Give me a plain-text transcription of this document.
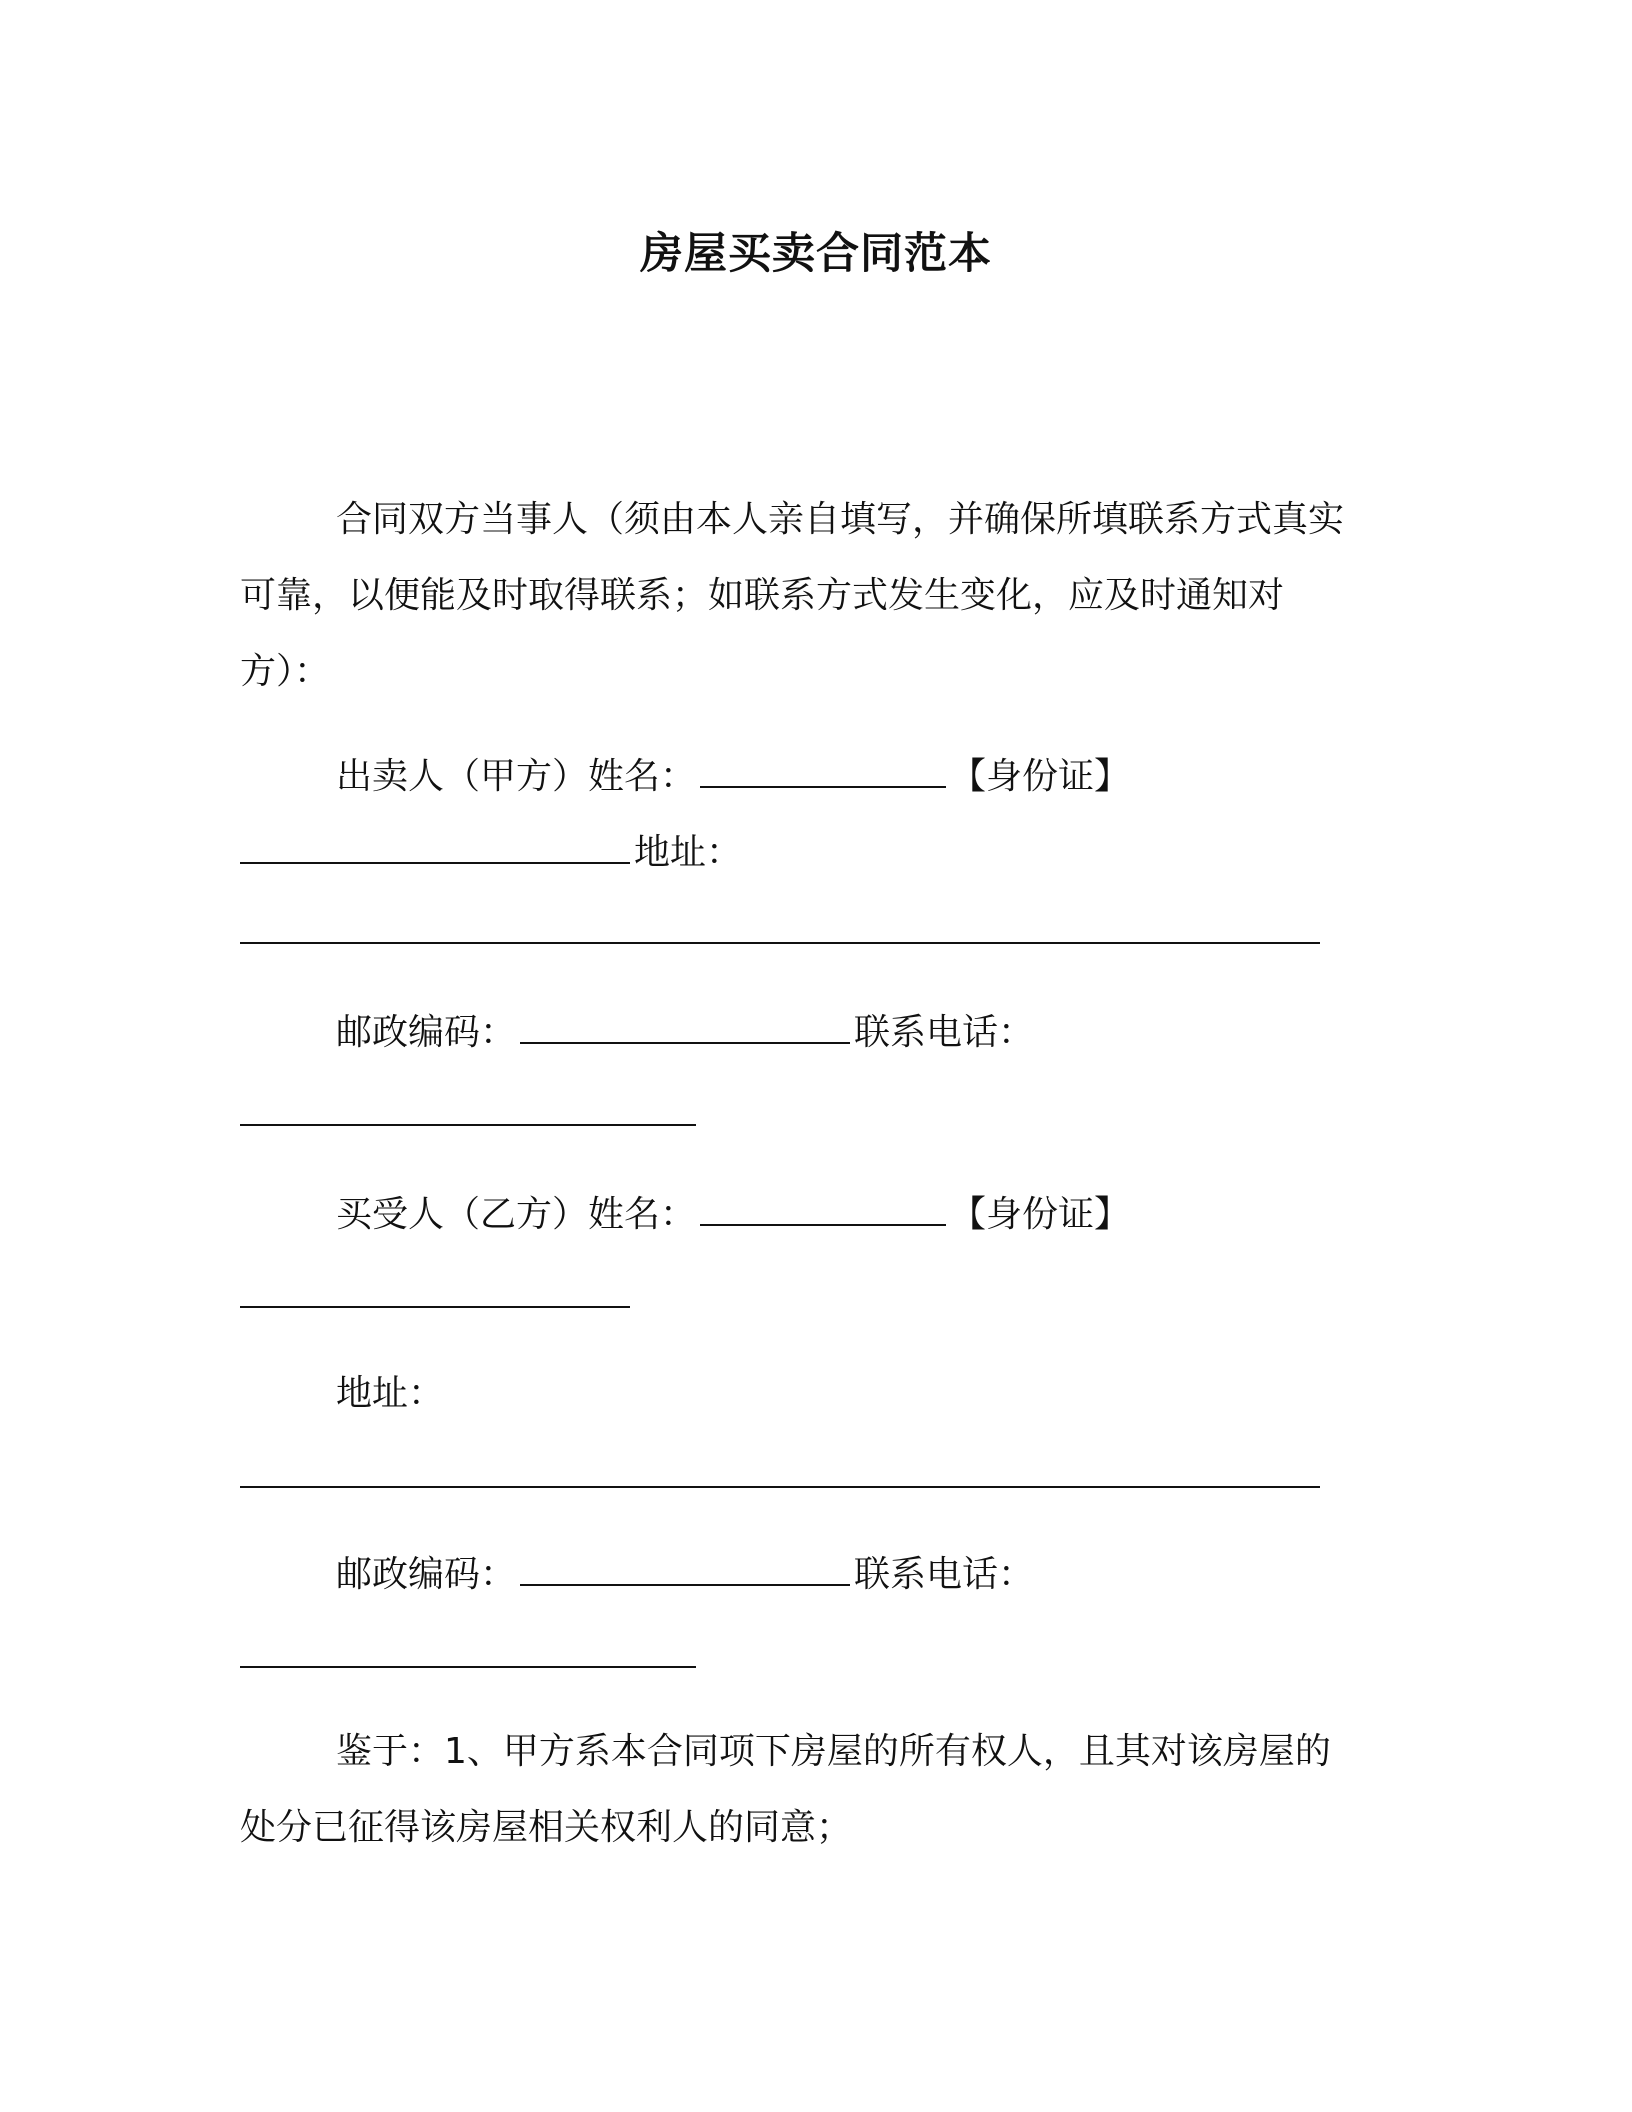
房屋买卖合同范本
合同双方当事人（须由本人亲自填写，并确保所填联系方式真实
可靠，以便能及时取得联系；如联系方式发生变化，应及时通知对
方）：
出卖人（甲方）姓名：	【身份证】
地址：
邮政编码：	联系电话：
买受人（乙方）姓名：	【身份证】
地址：
邮政编码：	联系电话：
鉴于：1、甲方系本合同项下房屋的所有权人，且其对该房屋的
处分已征得该房屋相关权利人的同意；
